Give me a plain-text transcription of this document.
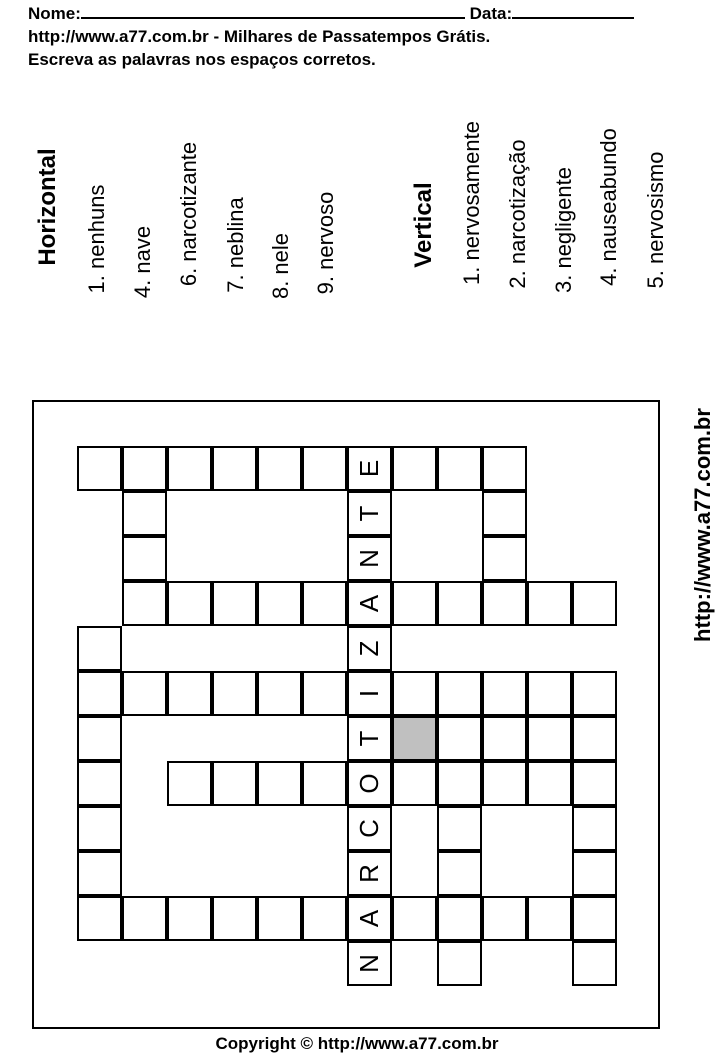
Nome:	Data:
http://www.a77.com.br - Milhares de Passatempos Grátis.
Escreva as palavras nos espaços corretos.
Horizontal 1. nenhuns 4. nave 6. narcotizante 7. neblina 8. nele 9. nervoso	Vertical 1. nervosamente 2. narcotização 3. negligente 4. nauseabundo 5. nervosismo
http://www.a77.com.br
E
T
N
A
Z
I
T
O
C
R
A
N
Copyright © http://www.a77.com.br
